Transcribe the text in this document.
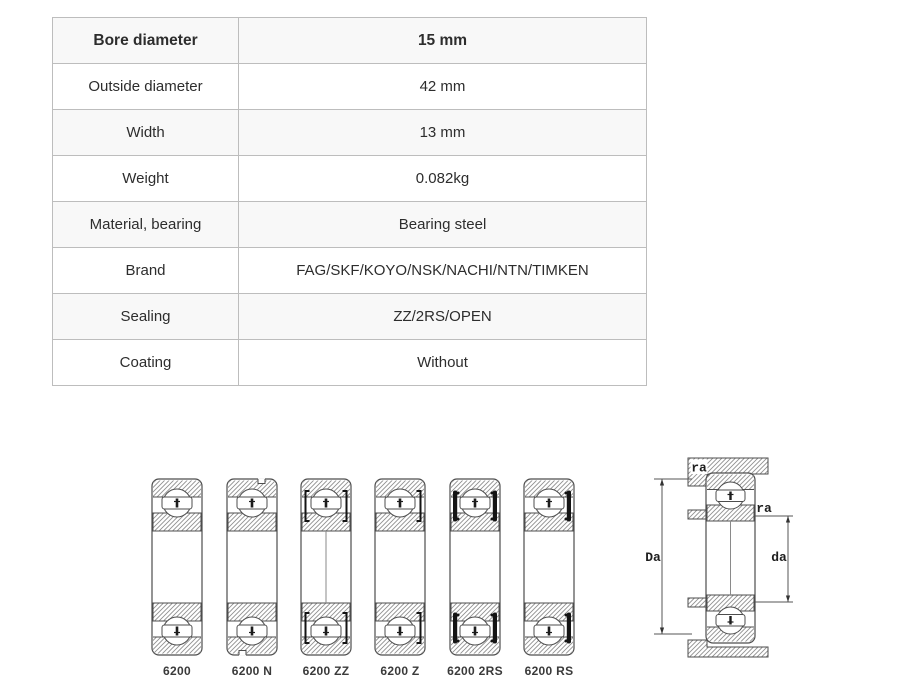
Bore diameter	15 mm
Outside diameter	42 mm
Width	13 mm
Weight	0.082kg
Material, bearing	Bearing steel
Brand	FAG/SKF/KOYO/NSK/NACHI/NTN/TIMKEN
Sealing	ZZ/2RS/OPEN
Coating	Without
6200	6200 N	6200 ZZ	6200 Z	6200 2RS	6200 RS
ra
Da
ra
da
